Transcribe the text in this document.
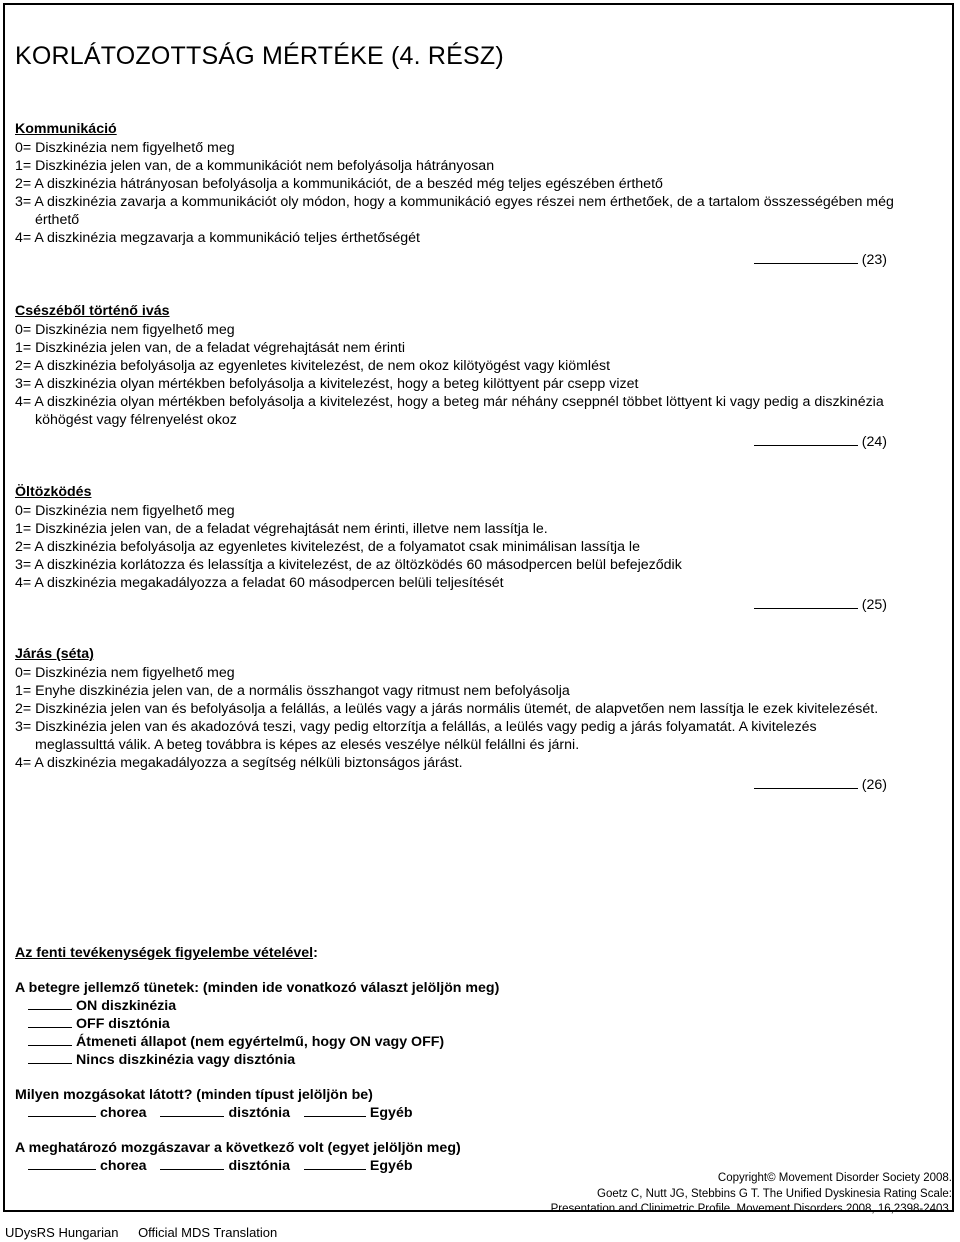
KORLÁTOZOTTSÁG MÉRTÉKE (4. RÉSZ)
Kommunikáció

0= Diszkinézia nem figyelhető meg

1= Diszkinézia jelen van, de a kommunikációt nem befolyásolja hátrányosan

2= A diszkinézia hátrányosan befolyásolja a kommunikációt, de a beszéd még teljes egészében érthető

3= A diszkinézia zavarja a kommunikációt oly módon, hogy a kommunikáció egyes részei nem érthetőek, de a tartalom összességében még érthető

4= A diszkinézia megzavarja a kommunikáció teljes érthetőségét

(23)
Csészéből történő ivás

0= Diszkinézia nem figyelhető meg

1= Diszkinézia jelen van, de a feladat végrehajtását nem érinti

2= A diszkinézia befolyásolja az egyenletes kivitelezést, de nem okoz kilötyögést vagy kiömlést

3= A diszkinézia olyan mértékben befolyásolja a kivitelezést, hogy a beteg kilöttyent pár csepp vizet

4= A diszkinézia olyan mértékben befolyásolja a kivitelezést, hogy a beteg már néhány cseppnél többet löttyent ki vagy pedig a diszkinézia köhögést vagy félrenyelést okoz

(24)
Öltözködés

0= Diszkinézia nem figyelhető meg

1= Diszkinézia jelen van, de a feladat végrehajtását nem érinti, illetve nem lassítja le.

2= A diszkinézia befolyásolja az egyenletes kivitelezést, de a folyamatot csak minimálisan lassítja le

3= A diszkinézia korlátozza és lelassítja a kivitelezést, de az öltözködés 60 másodpercen belül befejeződik

4= A diszkinézia megakadályozza a feladat 60 másodpercen belüli teljesítését

(25)
Járás (séta)

0= Diszkinézia nem figyelhető meg

1= Enyhe diszkinézia jelen van, de a normális összhangot vagy ritmust nem befolyásolja

2= Diszkinézia jelen van és befolyásolja a felállás, a leülés vagy a járás normális ütemét, de alapvetően nem lassítja le ezek kivitelezését.

3= Diszkinézia jelen van és akadozóvá teszi, vagy pedig eltorzítja a felállás, a leülés vagy pedig a járás folyamatát. A kivitelezés meglassulttá válik. A beteg továbbra is képes az elesés veszélye nélkül felállni és járni.

4= A diszkinézia megakadályozza a segítség nélküli biztonságos járást.

(26)
Az fenti tevékenységek figyelembe vételével:
A betegre jellemző tünetek: (minden ide vonatkozó választ jelöljön meg)
ON diszkinézia
OFF disztónia
Átmeneti állapot (nem egyértelmű, hogy ON vagy OFF)
Nincs diszkinézia vagy disztónia
Milyen mozgásokat látott? (minden típust jelöljön be)
chorea	disztónia	Egyéb
A meghatározó mozgászavar a következő volt (egyet jelöljön meg)
chorea	disztónia	Egyéb
Copyright© Movement Disorder Society 2008.
Goetz C, Nutt JG, Stebbins G T. The Unified Dyskinesia Rating Scale:
Presentation and Clinimetric Profile. Movement Disorders 2008, 16,2398-2403.
UDysRS Hungarian Official MDS Translation
